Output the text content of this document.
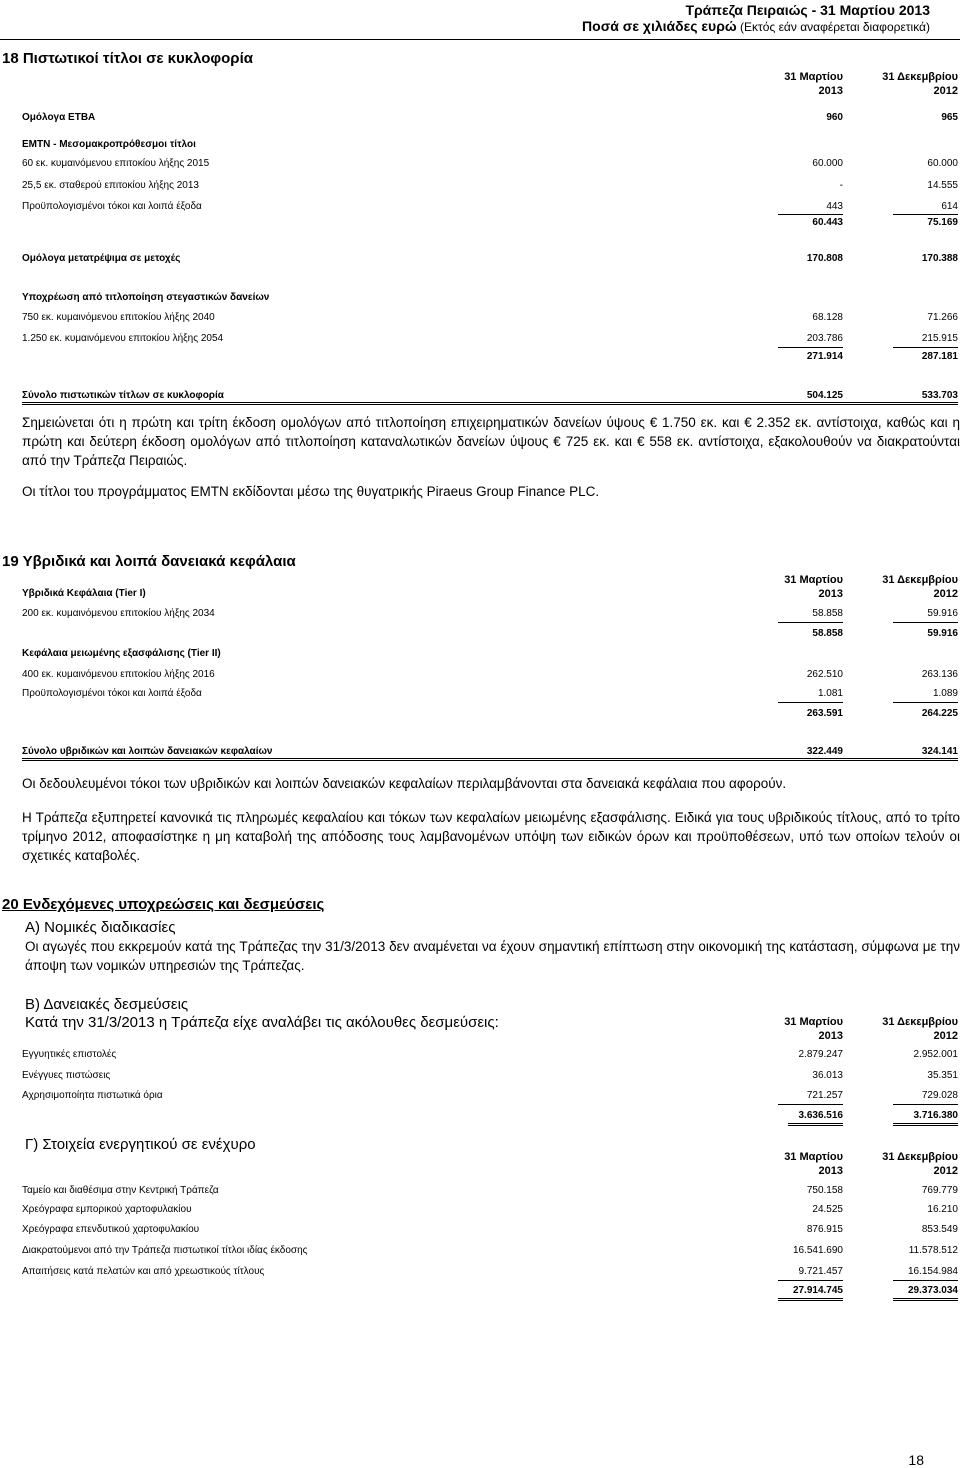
Τράπεζα Πειραιώς - 31 Μαρτίου 2013
Ποσά σε χιλιάδες ευρώ (Εκτός εάν αναφέρεται διαφορετικά)
18 Πιστωτικοί τίτλοι σε κυκλοφορία
31 Μαρτίου
2013
31 Δεκεμβρίου
2012
Ομόλογα ΕΤΒΑ	960	965
EMTN - Μεσομακροπρόθεσμοι τίτλοι
60 εκ. κυμαινόμενου επιτοκίου λήξης 2015	60.000	60.000
25,5 εκ. σταθερού επιτοκίου λήξης 2013	-	14.555
Προϋπολογισμένοι τόκοι και λοιπά έξοδα	443	614
60.443	75.169
Ομόλογα μετατρέψιμα σε μετοχές	170.808	170.388
Υποχρέωση από τιτλοποίηση στεγαστικών δανείων
750 εκ. κυμαινόμενου επιτοκίου λήξης 2040	68.128	71.266
1.250 εκ. κυμαινόμενου επιτοκίου λήξης 2054	203.786	215.915
271.914	287.181
Σύνολο πιστωτικών τίτλων σε κυκλοφορία	504.125	533.703
Σημειώνεται ότι η πρώτη και τρίτη έκδοση ομολόγων από τιτλοποίηση επιχειρηματικών δανείων ύψους € 1.750 εκ. και € 2.352 εκ. αντίστοιχα, καθώς και η πρώτη και δεύτερη έκδοση ομολόγων από τιτλοποίηση καταναλωτικών δανείων ύψους € 725 εκ. και € 558 εκ. αντίστοιχα, εξακολουθούν να διακρατούνται από την Τράπεζα Πειραιώς.
Οι τίτλοι του προγράμματος EMTN εκδίδονται μέσω της θυγατρικής Piraeus Group Finance PLC.
19 Υβριδικά και λοιπά δανειακά κεφάλαια
31 Μαρτίου
2013
31 Δεκεμβρίου
2012
Υβριδικά Κεφάλαια (Tier I)
200 εκ. κυμαινόμενου επιτοκίου λήξης 2034	58.858	59.916
58.858	59.916
Κεφάλαια μειωμένης εξασφάλισης (Tier II)
400 εκ. κυμαινόμενου επιτοκίου λήξης 2016	262.510	263.136
Προϋπολογισμένοι τόκοι και λοιπά έξοδα	1.081	1.089
263.591	264.225
Σύνολο υβριδικών και λοιπών δανειακών κεφαλαίων	322.449	324.141
Οι δεδουλευμένοι τόκοι των υβριδικών και λοιπών δανειακών κεφαλαίων περιλαμβάνονται στα δανειακά κεφάλαια που αφορούν.
Η Τράπεζα εξυπηρετεί κανονικά τις πληρωμές κεφαλαίου και τόκων των κεφαλαίων μειωμένης εξασφάλισης. Ειδικά για τους υβριδικούς τίτλους, από το τρίτο τρίμηνο 2012, αποφασίστηκε η μη καταβολή της απόδοσης τους λαμβανομένων υπόψη των ειδικών όρων και προϋποθέσεων, υπό των οποίων τελούν οι σχετικές καταβολές.
20 Ενδεχόμενες υποχρεώσεις και δεσμεύσεις
Α) Νομικές διαδικασίες
Οι αγωγές που εκκρεμούν κατά της Τράπεζας την 31/3/2013 δεν αναμένεται να έχουν σημαντική επίπτωση στην οικονομική της κατάσταση, σύμφωνα με την άποψη των νομικών υπηρεσιών της Τράπεζας.
Β) Δανειακές δεσμεύσεις
Κατά την 31/3/2013 η Τράπεζα είχε αναλάβει τις ακόλουθες δεσμεύσεις:	31 Μαρτίου
2013
31 Δεκεμβρίου
2012
Εγγυητικές επιστολές	2.879.247	2.952.001
Ενέγγυες πιστώσεις	36.013	35.351
Αχρησιμοποίητα πιστωτικά όρια	721.257	729.028
3.636.516	3.716.380
Γ) Στοιχεία ενεργητικού σε ενέχυρο
31 Μαρτίου
2013
31 Δεκεμβρίου
2012
Ταμείο και διαθέσιμα στην Κεντρική Τράπεζα	750.158	769.779
Χρεόγραφα εμπορικού χαρτοφυλακίου	24.525	16.210
Χρεόγραφα επενδυτικού χαρτοφυλακίου	876.915	853.549
Διακρατούμενοι από την Τράπεζα πιστωτικοί τίτλοι ιδίας έκδοσης	16.541.690	11.578.512
Απαιτήσεις κατά πελατών και από χρεωστικούς τίτλους	9.721.457	16.154.984
27.914.745	29.373.034
18
